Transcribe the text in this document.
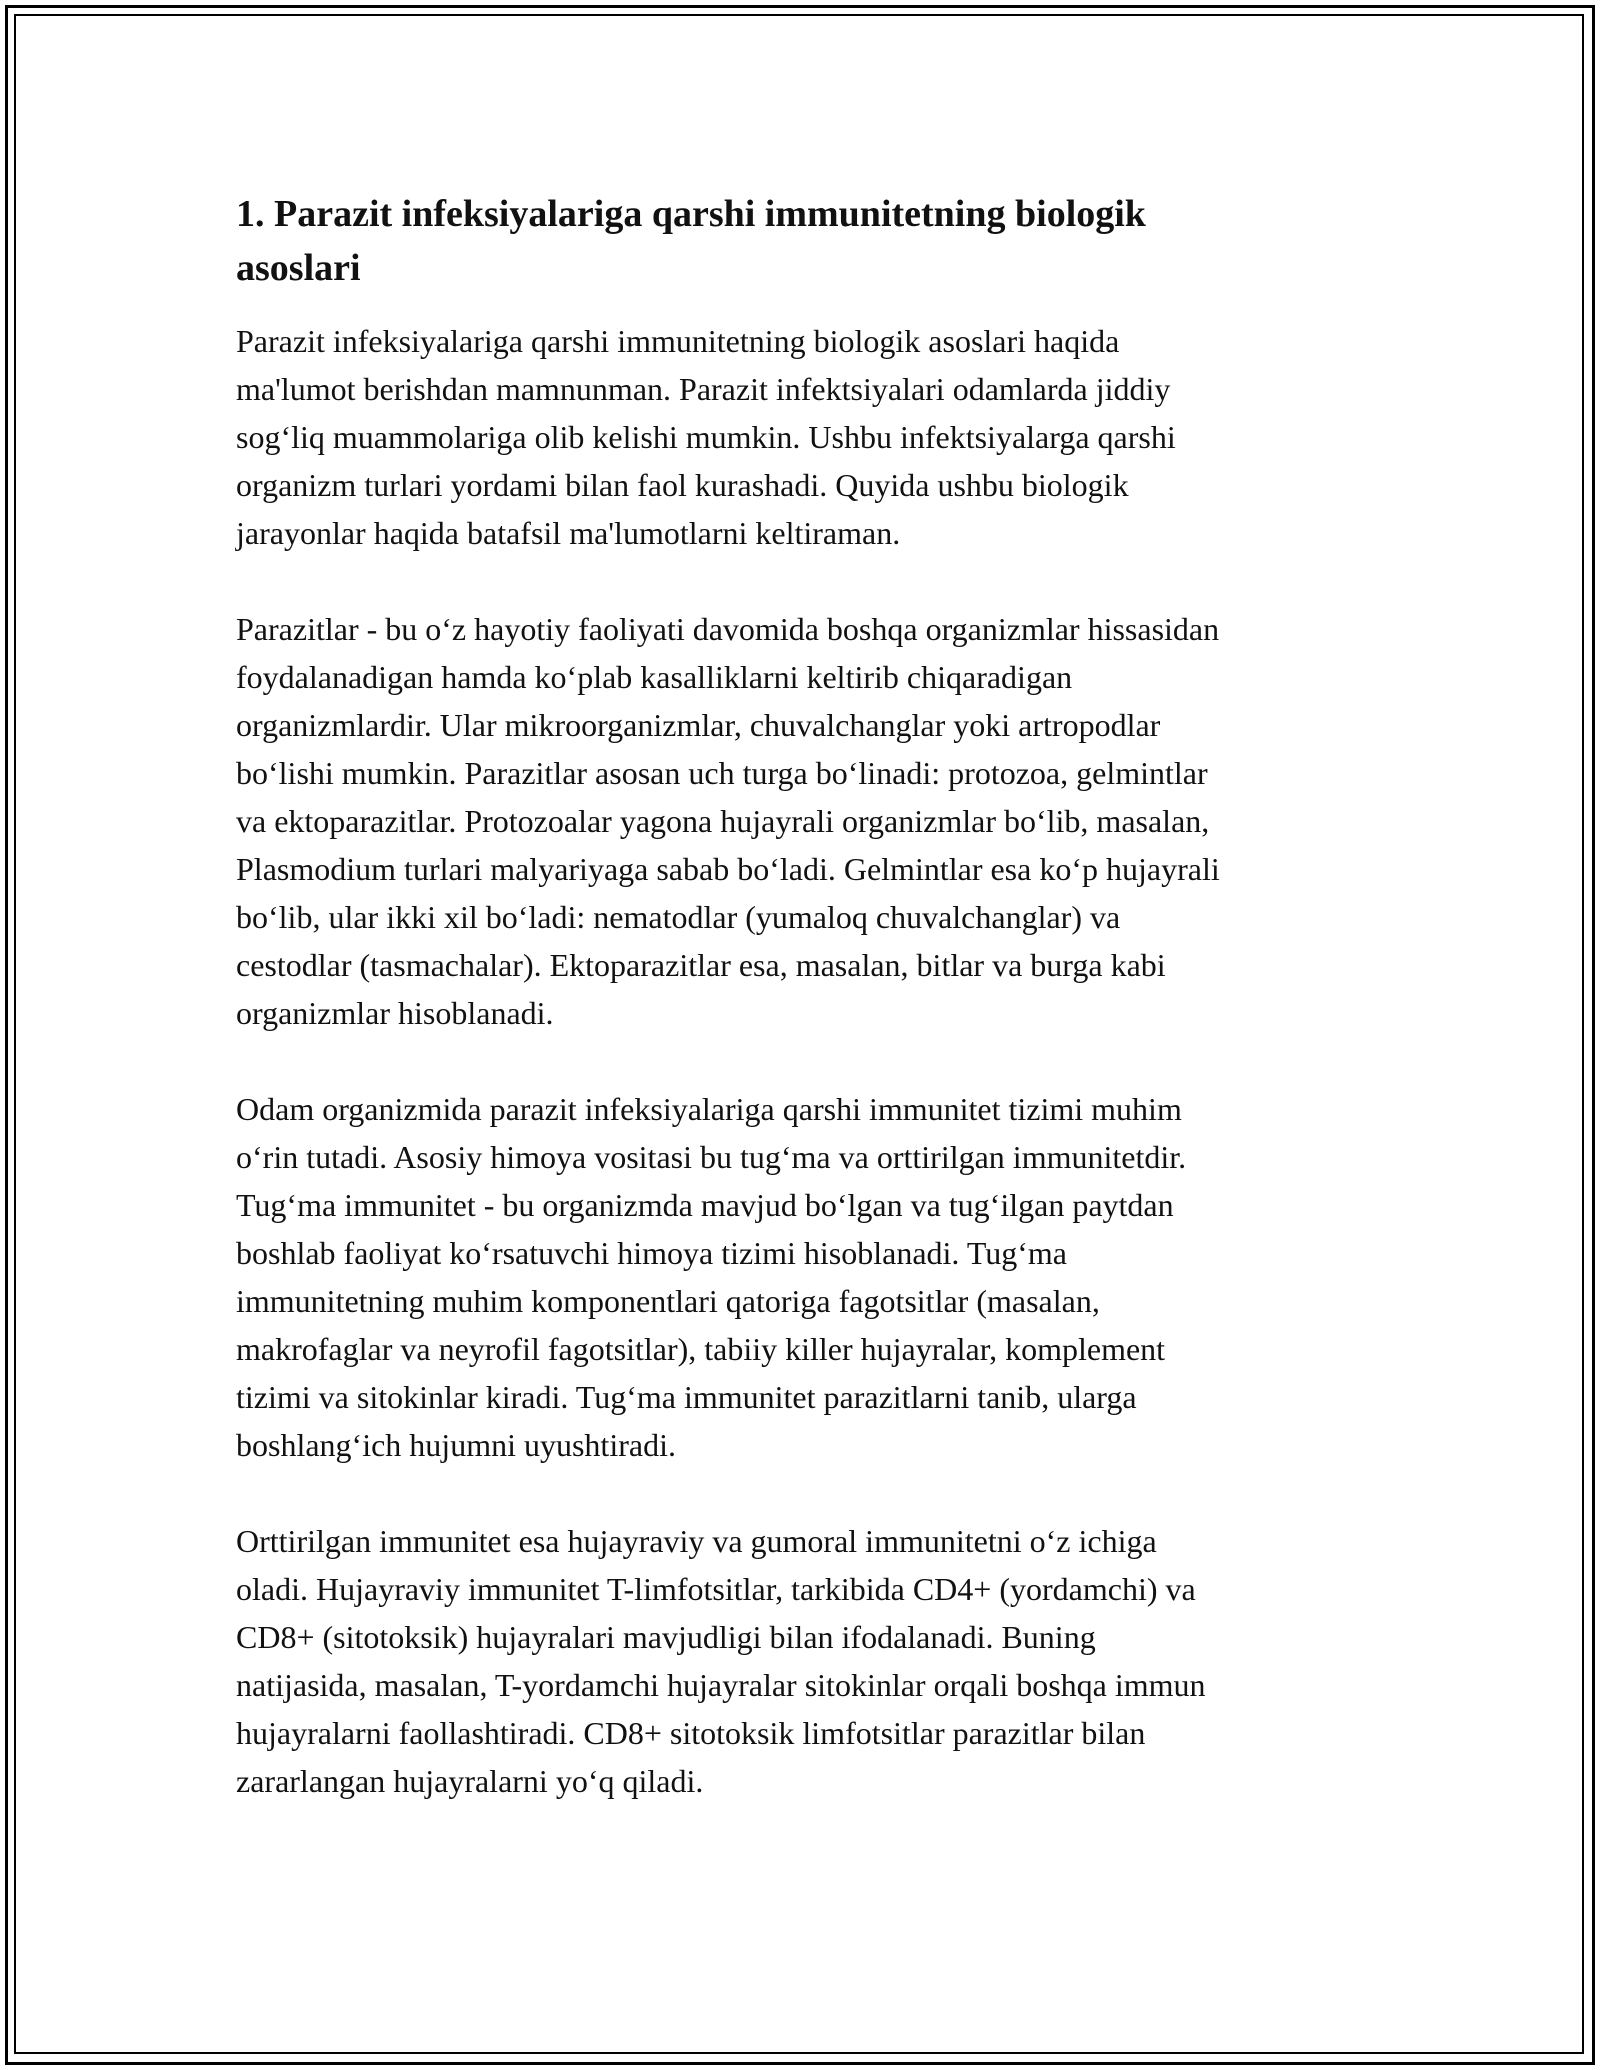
1. Parazit infeksiyalariga qarshi immunitetning biologik
asoslari

Parazit infeksiyalariga qarshi immunitetning biologik asoslari haqida
ma'lumot berishdan mamnunman. Parazit infektsiyalari odamlarda jiddiy
sog‘liq muammolariga olib kelishi mumkin. Ushbu infektsiyalarga qarshi
organizm turlari yordami bilan faol kurashadi. Quyida ushbu biologik
jarayonlar haqida batafsil ma'lumotlarni keltiraman.

Parazitlar - bu o‘z hayotiy faoliyati davomida boshqa organizmlar hissasidan
foydalanadigan hamda ko‘plab kasalliklarni keltirib chiqaradigan
organizmlardir. Ular mikroorganizmlar, chuvalchanglar yoki artropodlar
bo‘lishi mumkin. Parazitlar asosan uch turga bo‘linadi: protozoa, gelmintlar
va ektoparazitlar. Protozoalar yagona hujayrali organizmlar bo‘lib, masalan,
Plasmodium turlari malyariyaga sabab bo‘ladi. Gelmintlar esa ko‘p hujayrali
bo‘lib, ular ikki xil bo‘ladi: nematodlar (yumaloq chuvalchanglar) va
cestodlar (tasmachalar). Ektoparazitlar esa, masalan, bitlar va burga kabi
organizmlar hisoblanadi.

Odam organizmida parazit infeksiyalariga qarshi immunitet tizimi muhim
o‘rin tutadi. Asosiy himoya vositasi bu tug‘ma va orttirilgan immunitetdir.
Tug‘ma immunitet - bu organizmda mavjud bo‘lgan va tug‘ilgan paytdan
boshlab faoliyat ko‘rsatuvchi himoya tizimi hisoblanadi. Tug‘ma
immunitetning muhim komponentlari qatoriga fagotsitlar (masalan,
makrofaglar va neyrofil fagotsitlar), tabiiy killer hujayralar, komplement
tizimi va sitokinlar kiradi. Tug‘ma immunitet parazitlarni tanib, ularga
boshlang‘ich hujumni uyushtiradi.

Orttirilgan immunitet esa hujayraviy va gumoral immunitetni o‘z ichiga
oladi. Hujayraviy immunitet T-limfotsitlar, tarkibida CD4+ (yordamchi) va
CD8+ (sitotoksik) hujayralari mavjudligi bilan ifodalanadi. Buning
natijasida, masalan, T-yordamchi hujayralar sitokinlar orqali boshqa immun
hujayralarni faollashtiradi. CD8+ sitotoksik limfotsitlar parazitlar bilan
zararlangan hujayralarni yo‘q qiladi.
